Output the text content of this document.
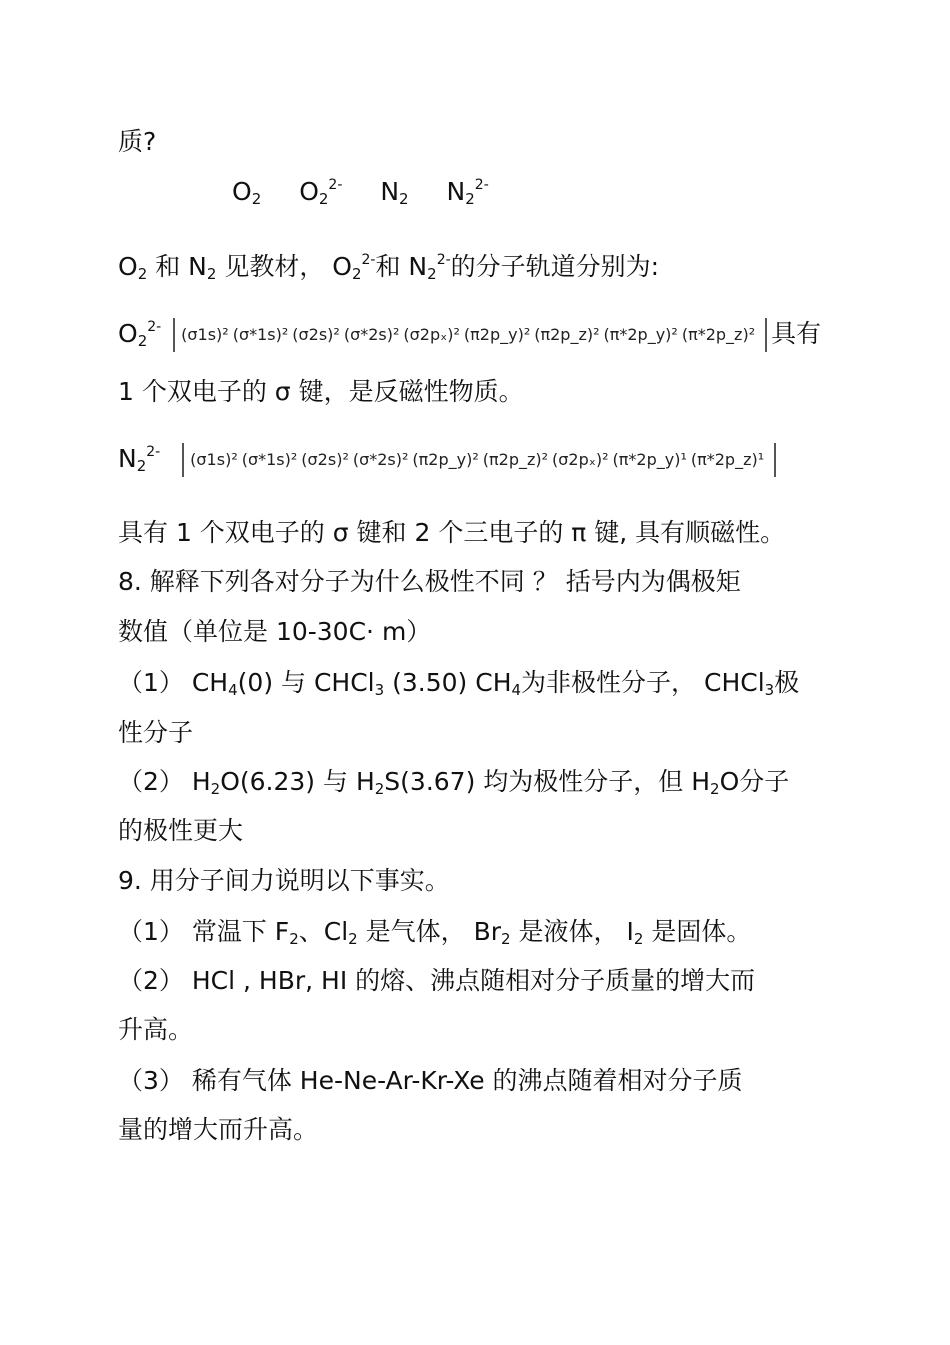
质?
$O_2$ $O_2^{2-}$ $N_2$ $N_2^{2-}$
$O_2$ 和 $N_2$ 见教材， $O_2^{2-}$和 $N_2^{2-}$的分子轨道分别为:
$O_2^{2-}$ (σ1s)² (σ*1s)² (σ2s)² (σ*2s)² (σ2pₓ)² (π2p_y)² (π2p_z)² (π*2p_y)² (π*2p_z)² 具有
1 个双电子的 σ 键，是反磁性物质。
$N_2^{2-}$ (σ1s)² (σ*1s)² (σ2s)² (σ*2s)² (π2p_y)² (π2p_z)² (σ2pₓ)² (π*2p_y)¹ (π*2p_z)¹
具有 1 个双电子的 σ 键和 2 个三电子的 π 键, 具有顺磁性。
8. 解释下列各对分子为什么极性不同 ？ 括号内为偶极矩
数值（单位是 10-30C· m）
（1） $CH_4(0)$ 与 CHCl$_3$ (3.50) $CH_4$为非极性分子， CHCl$_3$极
性分子
（2） $H_2O(6.23)$ 与 $H_2S(3.67)$ 均为极性分子，但 $H_2O$分子
的极性更大
9. 用分子间力说明以下事实。
（1） 常温下 $F_2$、$Cl_2$ 是气体， $Br_2$ 是液体， $I_2$ 是固体。
（2） HCl , HBr, HI 的熔、沸点随相对分子质量的增大而
升高。
（3） 稀有气体 He-Ne-Ar-Kr-Xe 的沸点随着相对分子质
量的增大而升高。
